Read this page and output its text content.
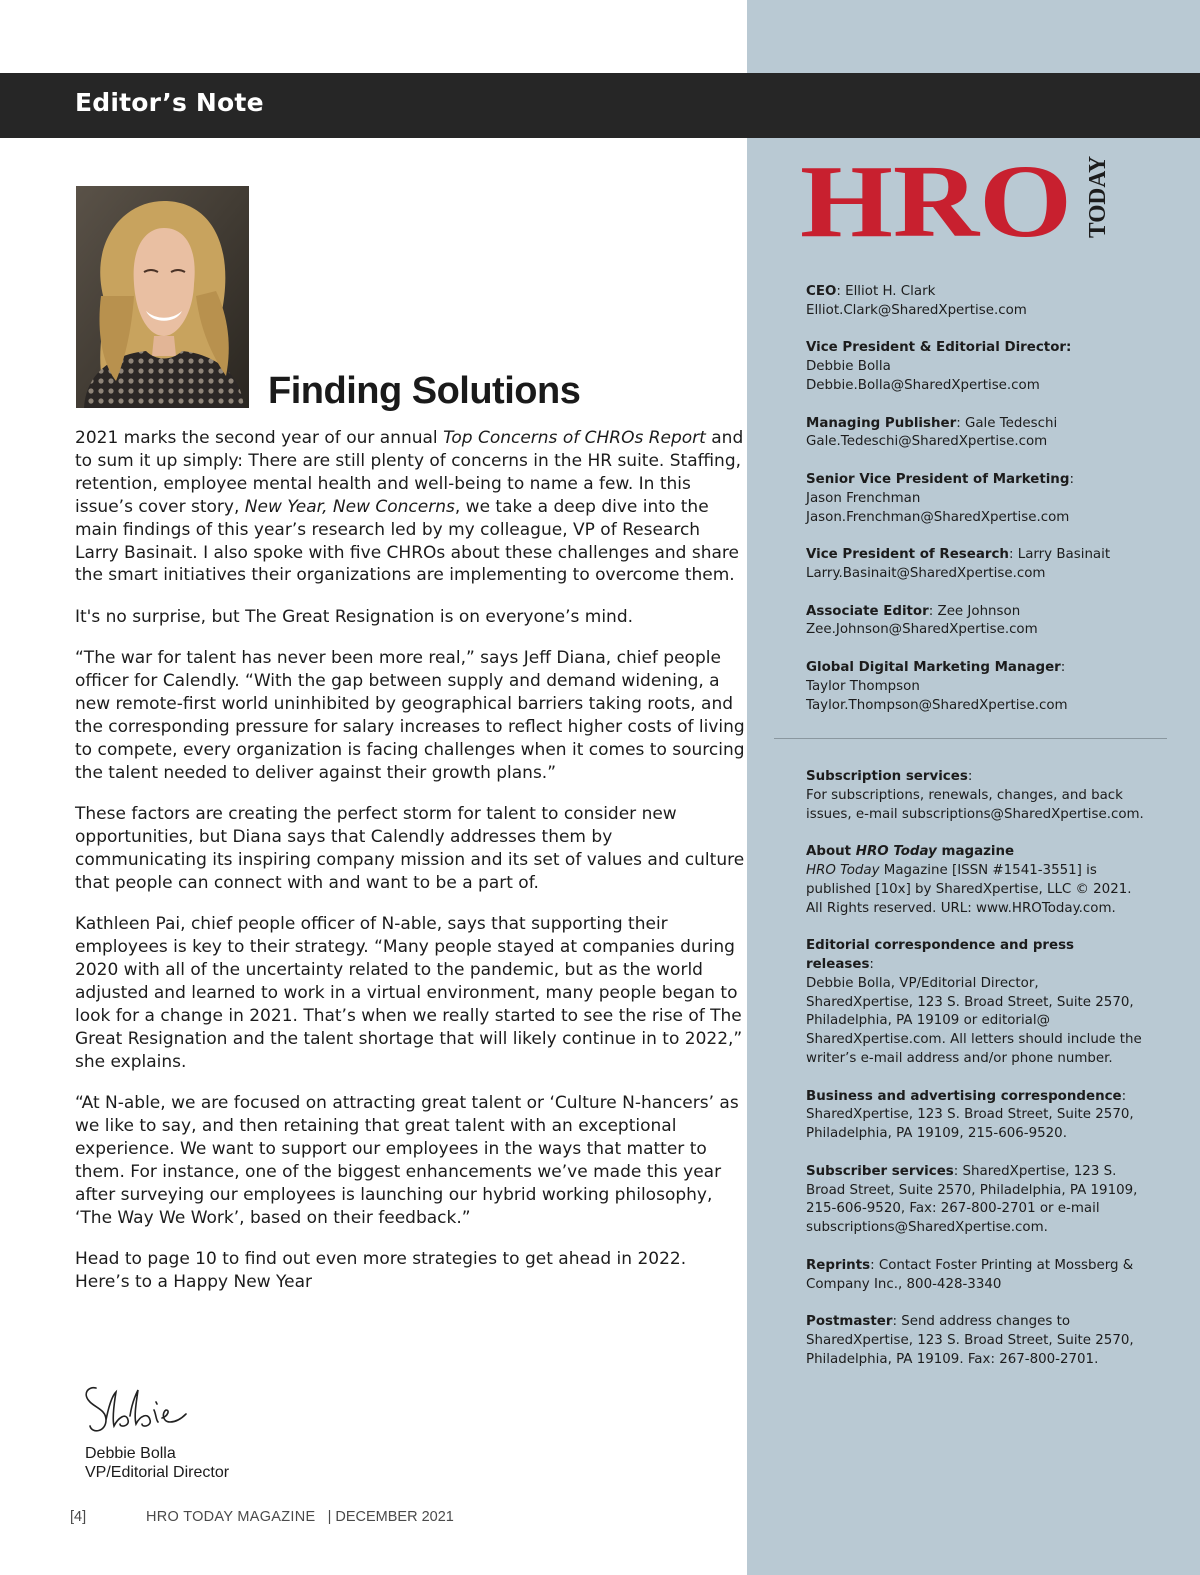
Editor’s Note
Finding Solutions

2021 marks the second year of our annual Top Concerns of CHROs Report and to sum it up simply: There are still plenty of concerns in the HR suite. Staffing, retention, employee mental health and well-being to name a few. In this issue’s cover story, New Year, New Concerns, we take a deep dive into the main findings of this year’s research led by my colleague, VP of Research Larry Basinait. I also spoke with five CHROs about these challenges and share the smart initiatives their organizations are implementing to overcome them.

It's no surprise, but The Great Resignation is on everyone’s mind.

“The war for talent has never been more real,” says Jeff Diana, chief people officer for Calendly. “With the gap between supply and demand widening, a new remote-first world uninhibited by geographical barriers taking roots, and the corresponding pressure for salary increases to reflect higher costs of living to compete, every organization is facing challenges when it comes to sourcing the talent needed to deliver against their growth plans.”

These factors are creating the perfect storm for talent to consider new opportunities, but Diana says that Calendly addresses them by communicating its inspiring company mission and its set of values and culture that people can connect with and want to be a part of.

Kathleen Pai, chief people officer of N-able, says that supporting their employees is key to their strategy. “Many people stayed at companies during 2020 with all of the uncertainty related to the pandemic, but as the world adjusted and learned to work in a virtual environment, many people began to look for a change in 2021. That’s when we really started to see the rise of The Great Resignation and the talent shortage that will likely continue in to 2022,” she explains.

“At N-able, we are focused on attracting great talent or ‘Culture N-hancers’ as we like to say, and then retaining that great talent with an exceptional experience. We want to support our employees in the ways that matter to them. For instance, one of the biggest enhancements we’ve made this year after surveying our employees is launching our hybrid working philosophy, ‘The Way We Work’, based on their feedback.”

Head to page 10 to find out even more strategies to get ahead in 2022.
Here’s to a Happy New Year

Debbie Bolla
VP/Editorial Director
[4]	HRO TODAY MAGAZINE | DECEMBER 2021
HRO TODAY
CEO: Elliot H. Clark
Elliot.Clark@SharedXpertise.com
Vice President & Editorial Director:
Debbie Bolla
Debbie.Bolla@SharedXpertise.com
Managing Publisher: Gale Tedeschi
Gale.Tedeschi@SharedXpertise.com
Senior Vice President of Marketing:
Jason Frenchman
Jason.Frenchman@SharedXpertise.com
Vice President of Research: Larry Basinait
Larry.Basinait@SharedXpertise.com
Associate Editor: Zee Johnson
Zee.Johnson@SharedXpertise.com
Global Digital Marketing Manager:
Taylor Thompson
Taylor.Thompson@SharedXpertise.com
Subscription services:
For subscriptions, renewals, changes, and back issues, e-mail subscriptions@SharedXpertise.com.
About HRO Today magazine
HRO Today Magazine [ISSN #1541-3551] is published [10x] by SharedXpertise, LLC © 2021. All Rights reserved. URL: www.HROToday.com.
Editorial correspondence and press releases:
Debbie Bolla, VP/Editorial Director, SharedXpertise, 123 S. Broad Street, Suite 2570, Philadelphia, PA 19109 or editorial@ SharedXpertise.com. All letters should include the writer’s e-mail address and/or phone number.
Business and advertising correspondence:
SharedXpertise, 123 S. Broad Street, Suite 2570, Philadelphia, PA 19109, 215-606-9520.
Subscriber services: SharedXpertise, 123 S. Broad Street, Suite 2570, Philadelphia, PA 19109, 215-606-9520, Fax: 267-800-2701 or e-mail subscriptions@SharedXpertise.com.
Reprints: Contact Foster Printing at Mossberg & Company Inc., 800-428-3340
Postmaster: Send address changes to SharedXpertise, 123 S. Broad Street, Suite 2570, Philadelphia, PA 19109. Fax: 267-800-2701.
